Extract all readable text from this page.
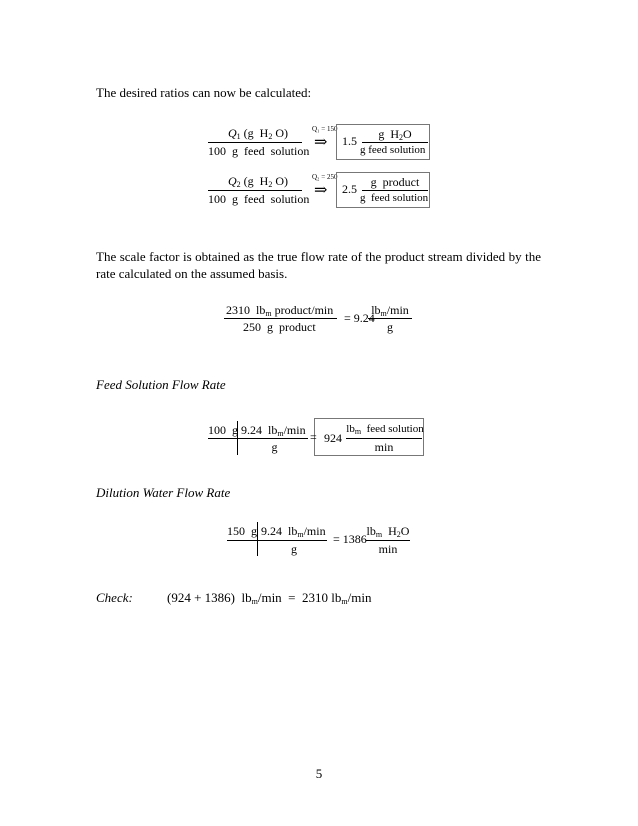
The desired ratios can now be calculated:
$Q_1$ (g  $H_2$ O)
100  g  feed  solution
Q₁ = 150
⇒ 1.5	g  $H_2O$
g feed solution
$Q_2$ (g  $H_2$ O)
100  g  feed  solution
Q₂ = 250
⇒ 2.5	g  product
g  feed solution
The scale factor is obtained as the true flow rate of the product stream divided by the rate calculated on the assumed basis.
2310  $lb_m$ product/min
250  g  product
= 9.24
$lb_m/\min$
g
Feed Solution Flow Rate
100  g 9.24  $lb_m/\min$
g
= 924
$lb_m$  feed solution
min
Dilution Water Flow Rate
150  g 9.24  $lb_m/\min$
g
= 1386
$lb_m$  $H_2O$
min
Check:	(924 + 1386)  $lb_m/\min = 2310$ $lb_m/\min$
5
